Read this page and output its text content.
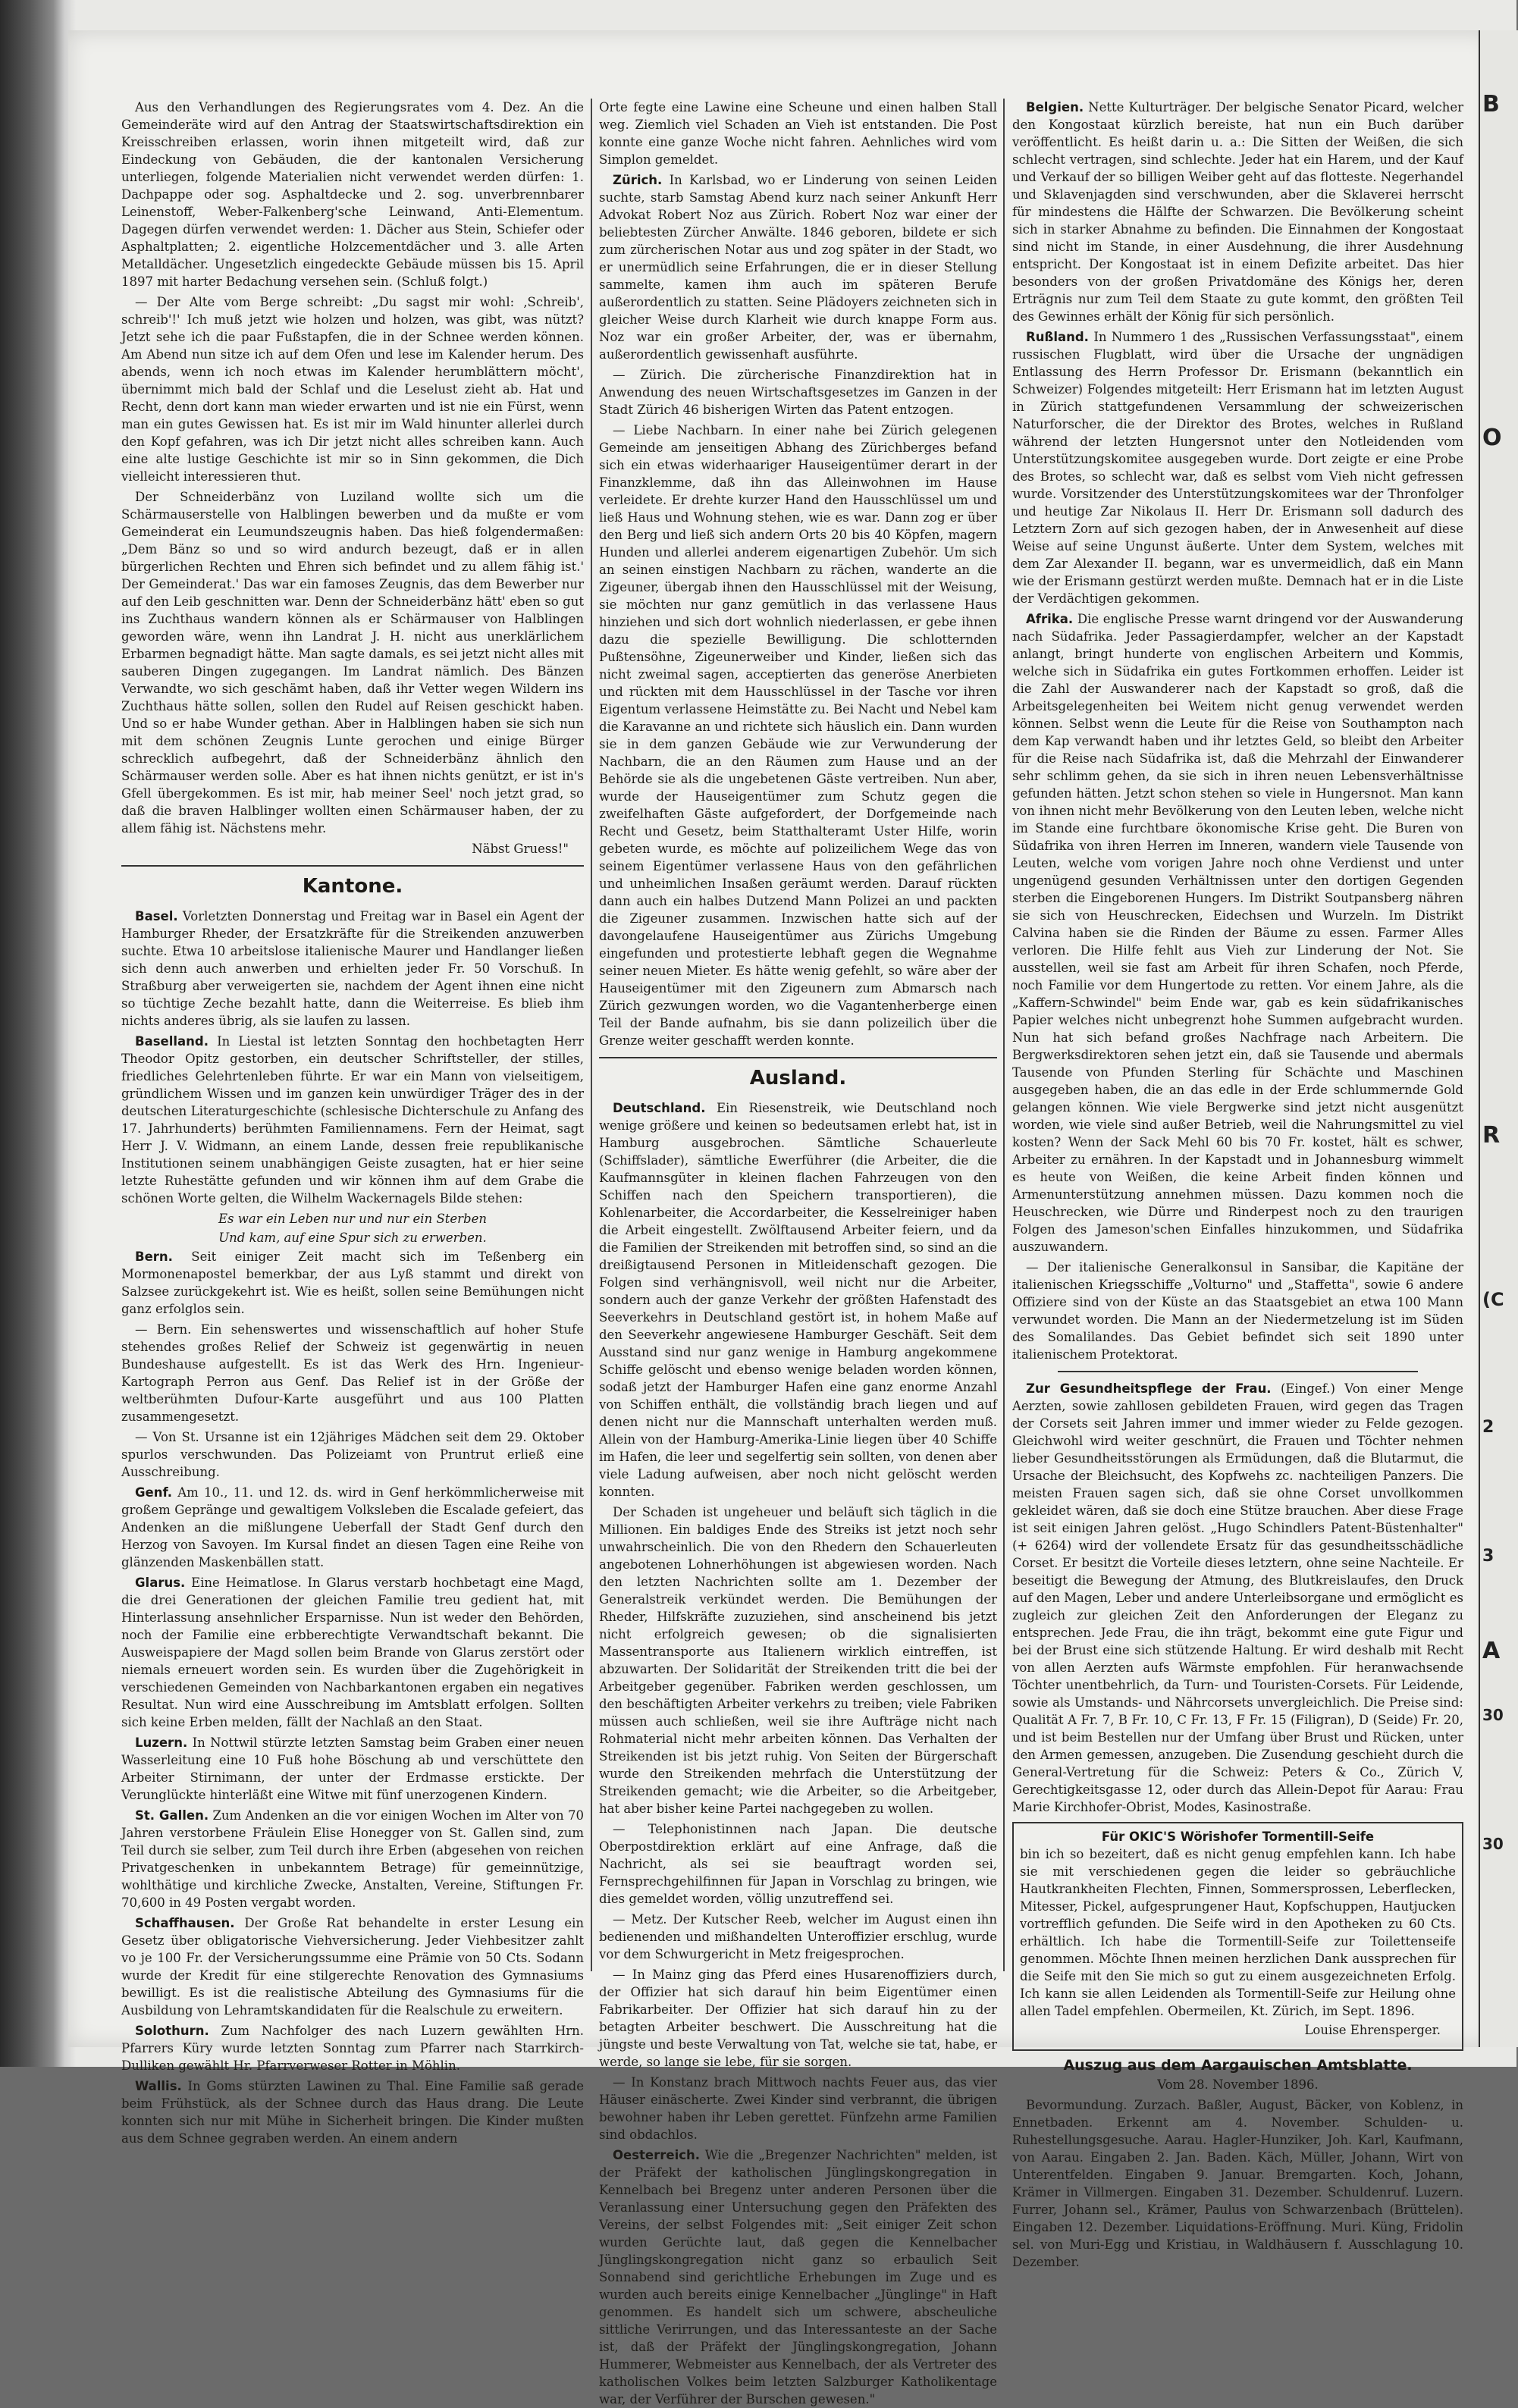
Aus den Verhandlungen des Regierungsrates vom 4. Dez. An die Gemeinderäte wird auf den Antrag der Staatswirtschaftsdirektion ein Kreisschreiben erlassen, worin ihnen mitgeteilt wird, daß zur Eindeckung von Gebäuden, die der kantonalen Versicherung unterliegen, folgende Materialien nicht verwendet werden dürfen: 1. Dachpappe oder sog. Asphaltdecke und 2. sog. unverbrennbarer Leinenstoff, Weber-Falkenberg'sche Leinwand, Anti-Elementum. Dagegen dürfen verwendet werden: 1. Dächer aus Stein, Schiefer oder Asphaltplatten; 2. eigentliche Holzcementdächer und 3. alle Arten Metalldächer. Ungesetzlich eingedeckte Gebäude müssen bis 15. April 1897 mit harter Bedachung versehen sein. (Schluß folgt.)

— Der Alte vom Berge schreibt: „Du sagst mir wohl: ‚Schreib', schreib'!' Ich muß jetzt wie holzen und holzen, was gibt, was nützt? Jetzt sehe ich die paar Fußstapfen, die in der Schnee werden können. Am Abend nun sitze ich auf dem Ofen und lese im Kalender herum. Des abends, wenn ich noch etwas im Kalender herumblättern möcht', übernimmt mich bald der Schlaf und die Leselust zieht ab. Hat und Recht, denn dort kann man wieder erwarten und ist nie ein Fürst, wenn man ein gutes Gewissen hat. Es ist mir im Wald hinunter allerlei durch den Kopf gefahren, was ich Dir jetzt nicht alles schreiben kann. Auch eine alte lustige Geschichte ist mir so in Sinn gekommen, die Dich vielleicht interessieren thut.

Der Schneiderbänz von Luziland wollte sich um die Schärmauserstelle von Halblingen bewerben und da mußte er vom Gemeinderat ein Leumundszeugnis haben. Das hieß folgendermaßen: „Dem Bänz so und so wird andurch bezeugt, daß er in allen bürgerlichen Rechten und Ehren sich befindet und zu allem fähig ist.' Der Gemeinderat.' Das war ein famoses Zeugnis, das dem Bewerber nur auf den Leib geschnitten war. Denn der Schneiderbänz hätt' eben so gut ins Zuchthaus wandern können als er Schärmauser von Halblingen geworden wäre, wenn ihn Landrat J. H. nicht aus unerklärlichem Erbarmen begnadigt hätte. Man sagte damals, es sei jetzt nicht alles mit sauberen Dingen zugegangen. Im Landrat nämlich. Des Bänzen Verwandte, wo sich geschämt haben, daß ihr Vetter wegen Wildern ins Zuchthaus hätte sollen, sollen den Rudel auf Reisen geschickt haben. Und so er habe Wunder gethan. Aber in Halblingen haben sie sich nun mit dem schönen Zeugnis Lunte gerochen und einige Bürger schrecklich aufbegehrt, daß der Schneiderbänz ähnlich den Schärmauser werden solle. Aber es hat ihnen nichts genützt, er ist in's Gfell übergekommen. Es ist mir, hab meiner Seel' noch jetzt grad, so daß die braven Halblinger wollten einen Schärmauser haben, der zu allem fähig ist. Nächstens mehr.

Näbst Gruess!"
Kantone.

Basel. Vorletzten Donnerstag und Freitag war in Basel ein Agent der Hamburger Rheder, der Ersatzkräfte für die Streikenden anzuwerben suchte. Etwa 10 arbeitslose italienische Maurer und Handlanger ließen sich denn auch anwerben und erhielten jeder Fr. 50 Vorschuß. In Straßburg aber verweigerten sie, nachdem der Agent ihnen eine nicht so tüchtige Zeche bezahlt hatte, dann die Weiterreise. Es blieb ihm nichts anderes übrig, als sie laufen zu lassen.

Baselland. In Liestal ist letzten Sonntag den hochbetagten Herr Theodor Opitz gestorben, ein deutscher Schriftsteller, der stilles, friedliches Gelehrtenleben führte. Er war ein Mann von vielseitigem, gründlichem Wissen und im ganzen kein unwürdiger Träger des in der deutschen Literaturgeschichte (schlesische Dichterschule zu Anfang des 17. Jahrhunderts) berühmten Familiennamens. Fern der Heimat, sagt Herr J. V. Widmann, an einem Lande, dessen freie republikanische Institutionen seinem unabhängigen Geiste zusagten, hat er hier seine letzte Ruhestätte gefunden und wir können ihm auf dem Grabe die schönen Worte gelten, die Wilhelm Wackernagels Bilde stehen:

Es war ein Leben nur und nur ein Sterben
Und kam, auf eine Spur sich zu erwerben.

Bern. Seit einiger Zeit macht sich im Teßenberg ein Mormonenapostel bemerkbar, der aus Lyß stammt und direkt von Salzsee zurückgekehrt ist. Wie es heißt, sollen seine Bemühungen nicht ganz erfolglos sein.

— Bern. Ein sehenswertes und wissenschaftlich auf hoher Stufe stehendes großes Relief der Schweiz ist gegenwärtig in neuen Bundeshause aufgestellt. Es ist das Werk des Hrn. Ingenieur-Kartograph Perron aus Genf. Das Relief ist in der Größe der weltberühmten Dufour-Karte ausgeführt und aus 100 Platten zusammengesetzt.

— Von St. Ursanne ist ein 12jähriges Mädchen seit dem 29. Oktober spurlos verschwunden. Das Polizeiamt von Pruntrut erließ eine Ausschreibung.

Genf. Am 10., 11. und 12. ds. wird in Genf herkömmlicherweise mit großem Gepränge und gewaltigem Volksleben die Escalade gefeiert, das Andenken an die mißlungene Ueberfall der Stadt Genf durch den Herzog von Savoyen. Im Kursal findet an diesen Tagen eine Reihe von glänzenden Maskenbällen statt.

Glarus. Eine Heimatlose. In Glarus verstarb hochbetagt eine Magd, die drei Generationen der gleichen Familie treu gedient hat, mit Hinterlassung ansehnlicher Ersparnisse. Nun ist weder den Behörden, noch der Familie eine erbberechtigte Verwandtschaft bekannt. Die Ausweispapiere der Magd sollen beim Brande von Glarus zerstört oder niemals erneuert worden sein. Es wurden über die Zugehörigkeit in verschiedenen Gemeinden von Nachbarkantonen ergaben ein negatives Resultat. Nun wird eine Ausschreibung im Amtsblatt erfolgen. Sollten sich keine Erben melden, fällt der Nachlaß an den Staat.

Luzern. In Nottwil stürzte letzten Samstag beim Graben einer neuen Wasserleitung eine 10 Fuß hohe Böschung ab und verschüttete den Arbeiter Stirnimann, der unter der Erdmasse erstickte. Der Verunglückte hinterläßt eine Witwe mit fünf unerzogenen Kindern.

St. Gallen. Zum Andenken an die vor einigen Wochen im Alter von 70 Jahren verstorbene Fräulein Elise Honegger von St. Gallen sind, zum Teil durch sie selber, zum Teil durch ihre Erben (abgesehen von reichen Privatgeschenken in unbekanntem Betrage) für gemeinnützige, wohlthätige und kirchliche Zwecke, Anstalten, Vereine, Stiftungen Fr. 70,600 in 49 Posten vergabt worden.

Schaffhausen. Der Große Rat behandelte in erster Lesung ein Gesetz über obligatorische Viehversicherung. Jeder Viehbesitzer zahlt vo je 100 Fr. der Versicherungssumme eine Prämie von 50 Cts. Sodann wurde der Kredit für eine stilgerechte Renovation des Gymnasiums bewilligt. Es ist die realistische Abteilung des Gymnasiums für die Ausbildung von Lehramtskandidaten für die Realschule zu erweitern.

Solothurn. Zum Nachfolger des nach Luzern gewählten Hrn. Pfarrers Küry wurde letzten Sonntag zum Pfarrer nach Starrkirch-Dulliken gewählt Hr. Pfarrverweser Rotter in Möhlin.

Wallis. In Goms stürzten Lawinen zu Thal. Eine Familie saß gerade beim Frühstück, als der Schnee durch das Haus drang. Die Leute konnten sich nur mit Mühe in Sicherheit bringen. Die Kinder mußten aus dem Schnee gegraben werden. An einem andern

Orte fegte eine Lawine eine Scheune und einen halben Stall weg. Ziemlich viel Schaden an Vieh ist entstanden. Die Post konnte eine ganze Woche nicht fahren. Aehnliches wird vom Simplon gemeldet.

Zürich. In Karlsbad, wo er Linderung von seinen Leiden suchte, starb Samstag Abend kurz nach seiner Ankunft Herr Advokat Robert Noz aus Zürich. Robert Noz war einer der beliebtesten Zürcher Anwälte. 1846 geboren, bildete er sich zum zürcherischen Notar aus und zog später in der Stadt, wo er unermüdlich seine Erfahrungen, die er in dieser Stellung sammelte, kamen ihm auch im späteren Berufe außerordentlich zu statten. Seine Plädoyers zeichneten sich in gleicher Weise durch Klarheit wie durch knappe Form aus. Noz war ein großer Arbeiter, der, was er übernahm, außerordentlich gewissenhaft ausführte.

— Zürich. Die zürcherische Finanzdirektion hat in Anwendung des neuen Wirtschaftsgesetzes im Ganzen in der Stadt Zürich 46 bisherigen Wirten das Patent entzogen.

— Liebe Nachbarn. In einer nahe bei Zürich gelegenen Gemeinde am jenseitigen Abhang des Zürichberges befand sich ein etwas widerhaariger Hauseigentümer derart in der Finanzklemme, daß ihn das Alleinwohnen im Hause verleidete. Er drehte kurzer Hand den Hausschlüssel um und ließ Haus und Wohnung stehen, wie es war. Dann zog er über den Berg und ließ sich andern Orts 20 bis 40 Köpfen, magern Hunden und allerlei anderem eigenartigen Zubehör. Um sich an seinen einstigen Nachbarn zu rächen, wanderte an die Zigeuner, übergab ihnen den Hausschlüssel mit der Weisung, sie möchten nur ganz gemütlich in das verlassene Haus hinziehen und sich dort wohnlich niederlassen, er gebe ihnen dazu die spezielle Bewilligung. Die schlotternden Pußtensöhne, Zigeunerweiber und Kinder, ließen sich das nicht zweimal sagen, acceptierten das generöse Anerbieten und rückten mit dem Hausschlüssel in der Tasche vor ihren Eigentum verlassene Heimstätte zu. Bei Nacht und Nebel kam die Karavanne an und richtete sich häuslich ein. Dann wurden sie in dem ganzen Gebäude wie zur Verwunderung der Nachbarn, die an den Räumen zum Hause und an der Behörde sie als die ungebetenen Gäste vertreiben. Nun aber, wurde der Hauseigentümer zum Schutz gegen die zweifelhaften Gäste aufgefordert, der Dorfgemeinde nach Recht und Gesetz, beim Statthalteramt Uster Hilfe, worin gebeten wurde, es möchte auf polizeilichem Wege das von seinem Eigentümer verlassene Haus von den gefährlichen und unheimlichen Insaßen geräumt werden. Darauf rückten dann auch ein halbes Dutzend Mann Polizei an und packten die Zigeuner zusammen. Inzwischen hatte sich auf der davongelaufene Hauseigentümer aus Zürichs Umgebung eingefunden und protestierte lebhaft gegen die Wegnahme seiner neuen Mieter. Es hätte wenig gefehlt, so wäre aber der Hauseigentümer mit den Zigeunern zum Abmarsch nach Zürich gezwungen worden, wo die Vagantenherberge einen Teil der Bande aufnahm, bis sie dann polizeilich über die Grenze weiter geschafft werden konnte.

Ausland.

Deutschland. Ein Riesenstreik, wie Deutschland noch wenige größere und keinen so bedeutsamen erlebt hat, ist in Hamburg ausgebrochen. Sämtliche Schauerleute (Schiffslader), sämtliche Ewerführer (die Arbeiter, die die Kaufmannsgüter in kleinen flachen Fahrzeugen von den Schiffen nach den Speichern transportieren), die Kohlenarbeiter, die Accordarbeiter, die Kesselreiniger haben die Arbeit eingestellt. Zwölftausend Arbeiter feiern, und da die Familien der Streikenden mit betroffen sind, so sind an die dreißigtausend Personen in Mitleidenschaft gezogen. Die Folgen sind verhängnisvoll, weil nicht nur die Arbeiter, sondern auch der ganze Verkehr der größten Hafenstadt des Seeverkehrs in Deutschland gestört ist, in hohem Maße auf den Seeverkehr angewiesene Hamburger Geschäft. Seit dem Ausstand sind nur ganz wenige in Hamburg angekommene Schiffe gelöscht und ebenso wenige beladen worden können, sodaß jetzt der Hamburger Hafen eine ganz enorme Anzahl von Schiffen enthält, die vollständig brach liegen und auf denen nicht nur die Mannschaft unterhalten werden muß. Allein von der Hamburg-Amerika-Linie liegen über 40 Schiffe im Hafen, die leer und segelfertig sein sollten, von denen aber viele Ladung aufweisen, aber noch nicht gelöscht werden konnten.

Der Schaden ist ungeheuer und beläuft sich täglich in die Millionen. Ein baldiges Ende des Streiks ist jetzt noch sehr unwahrscheinlich. Die von den Rhedern den Schauerleuten angebotenen Lohnerhöhungen ist abgewiesen worden. Nach den letzten Nachrichten sollte am 1. Dezember der Generalstreik verkündet werden. Die Bemühungen der Rheder, Hilfskräfte zuzuziehen, sind anscheinend bis jetzt nicht erfolgreich gewesen; ob die signalisierten Massentransporte aus Italienern wirklich eintreffen, ist abzuwarten. Der Solidarität der Streikenden tritt die bei der Arbeitgeber gegenüber. Fabriken werden geschlossen, um den beschäftigten Arbeiter verkehrs zu treiben; viele Fabriken müssen auch schließen, weil sie ihre Aufträge nicht nach Rohmaterial nicht mehr arbeiten können. Das Verhalten der Streikenden ist bis jetzt ruhig. Von Seiten der Bürgerschaft wurde den Streikenden mehrfach die Unterstützung der Streikenden gemacht; wie die Arbeiter, so die Arbeitgeber, hat aber bisher keine Partei nachgegeben zu wollen.

— Telephonistinnen nach Japan. Die deutsche Oberpostdirektion erklärt auf eine Anfrage, daß die Nachricht, als sei sie beauftragt worden sei, Fernsprechgehilfinnen für Japan in Vorschlag zu bringen, wie dies gemeldet worden, völlig unzutreffend sei.

— Metz. Der Kutscher Reeb, welcher im August einen ihn bedienenden und mißhandelten Unteroffizier erschlug, wurde vor dem Schwurgericht in Metz freigesprochen.

— In Mainz ging das Pferd eines Husarenoffiziers durch, der Offizier hat sich darauf hin beim Eigentümer einen Fabrikarbeiter. Der Offizier hat sich darauf hin zu der betagten Arbeiter beschwert. Die Ausschreitung hat die jüngste und beste Verwaltung von Tat, welche sie tat, habe, er werde, so lange sie lebe, für sie sorgen.

— In Konstanz brach Mittwoch nachts Feuer aus, das vier Häuser einäscherte. Zwei Kinder sind verbrannt, die übrigen bewohner haben ihr Leben gerettet. Fünfzehn arme Familien sind obdachlos.

Oesterreich. Wie die „Bregenzer Nachrichten" melden, ist der Präfekt der katholischen Jünglingskongregation in Kennelbach bei Bregenz unter anderen Personen über die Veranlassung einer Untersuchung gegen den Präfekten des Vereins, der selbst Folgendes mit: „Seit einiger Zeit schon wurden Gerüchte laut, daß gegen die Kennelbacher Jünglingskongregation nicht ganz so erbaulich Seit Sonnabend sind gerichtliche Erhebungen im Zuge und es wurden auch bereits einige Kennelbacher „Jünglinge" in Haft genommen. Es handelt sich um schwere, abscheuliche sittliche Verirrungen, und das Interessanteste an der Sache ist, daß der Präfekt der Jünglingskongregation, Johann Hummerer, Webmeister aus Kennelbach, der als Vertreter des katholischen Volkes beim letzten Salzburger Katholikentage war, der Verführer der Burschen gewesen."

Belgien. Nette Kulturträger. Der belgische Senator Picard, welcher den Kongostaat kürzlich bereiste, hat nun ein Buch darüber veröffentlicht. Es heißt darin u. a.: Die Sitten der Weißen, die sich schlecht vertragen, sind schlechte. Jeder hat ein Harem, und der Kauf und Verkauf der so billigen Weiber geht auf das flotteste. Negerhandel und Sklavenjagden sind verschwunden, aber die Sklaverei herrscht für mindestens die Hälfte der Schwarzen. Die Bevölkerung scheint sich in starker Abnahme zu befinden. Die Einnahmen der Kongostaat sind nicht im Stande, in einer Ausdehnung, die ihrer Ausdehnung entspricht. Der Kongostaat ist in einem Defizite arbeitet. Das hier besonders von der großen Privatdomäne des Königs her, deren Erträgnis nur zum Teil dem Staate zu gute kommt, den größten Teil des Gewinnes erhält der König für sich persönlich.

Rußland. In Nummero 1 des „Russischen Verfassungsstaat", einem russischen Flugblatt, wird über die Ursache der ungnädigen Entlassung des Herrn Professor Dr. Erismann (bekanntlich ein Schweizer) Folgendes mitgeteilt: Herr Erismann hat im letzten August in Zürich stattgefundenen Versammlung der schweizerischen Naturforscher, die der Direktor des Brotes, welches in Rußland während der letzten Hungersnot unter den Notleidenden vom Unterstützungskomitee ausgegeben wurde. Dort zeigte er eine Probe des Brotes, so schlecht war, daß es selbst vom Vieh nicht gefressen wurde. Vorsitzender des Unterstützungskomitees war der Thronfolger und heutige Zar Nikolaus II. Herr Dr. Erismann soll dadurch des Letztern Zorn auf sich gezogen haben, der in Anwesenheit auf diese Weise auf seine Ungunst äußerte. Unter dem System, welches mit dem Zar Alexander II. begann, war es unvermeidlich, daß ein Mann wie der Erismann gestürzt werden mußte. Demnach hat er in die Liste der Verdächtigen gekommen.

Afrika. Die englische Presse warnt dringend vor der Auswanderung nach Südafrika. Jeder Passagierdampfer, welcher an der Kapstadt anlangt, bringt hunderte von englischen Arbeitern und Kommis, welche sich in Südafrika ein gutes Fortkommen erhoffen. Leider ist die Zahl der Auswanderer nach der Kapstadt so groß, daß die Arbeitsgelegenheiten bei Weitem nicht genug verwendet werden können. Selbst wenn die Leute für die Reise von Southampton nach dem Kap verwandt haben und ihr letztes Geld, so bleibt den Arbeiter für die Reise nach Südafrika ist, daß die Mehrzahl der Einwanderer sehr schlimm gehen, da sie sich in ihren neuen Lebensverhältnisse gefunden hätten. Jetzt schon stehen so viele in Hungersnot. Man kann von ihnen nicht mehr Bevölkerung von den Leuten leben, welche nicht im Stande eine furchtbare ökonomische Krise geht. Die Buren von Südafrika von ihren Herren im Inneren, wandern viele Tausende von Leuten, welche vom vorigen Jahre noch ohne Verdienst und unter ungenügend gesunden Verhältnissen unter den dortigen Gegenden sterben die Eingeborenen Hungers. Im Distrikt Soutpansberg nähren sie sich von Heuschrecken, Eidechsen und Wurzeln. Im Distrikt Calvina haben sie die Rinden der Bäume zu essen. Farmer Alles verloren. Die Hilfe fehlt aus Vieh zur Linderung der Not. Sie ausstellen, weil sie fast am Arbeit für ihren Schafen, noch Pferde, noch Familie vor dem Hungertode zu retten. Vor einem Jahre, als die „Kaffern-Schwindel" beim Ende war, gab es kein südafrikanisches Papier welches nicht unbegrenzt hohe Summen aufgebracht wurden. Nun hat sich befand großes Nachfrage nach Arbeitern. Die Bergwerksdirektoren sehen jetzt ein, daß sie Tausende und abermals Tausende von Pfunden Sterling für Schächte und Maschinen ausgegeben haben, die an das edle in der Erde schlummernde Gold gelangen können. Wie viele Bergwerke sind jetzt nicht ausgenützt worden, wie viele sind außer Betrieb, weil die Nahrungsmittel zu viel kosten? Wenn der Sack Mehl 60 bis 70 Fr. kostet, hält es schwer, Arbeiter zu ernähren. In der Kapstadt und in Johannesburg wimmelt es heute von Weißen, die keine Arbeit finden können und Armenunterstützung annehmen müssen. Dazu kommen noch die Heuschrecken, wie Dürre und Rinderpest noch zu den traurigen Folgen des Jameson'schen Einfalles hinzukommen, und Südafrika auszuwandern.

— Der italienische Generalkonsul in Sansibar, die Kapitäne der italienischen Kriegsschiffe „Volturno" und „Staffetta", sowie 6 andere Offiziere sind von der Küste an das Staatsgebiet an etwa 100 Mann verwundet worden. Die Mann an der Niedermetzelung ist im Süden des Somalilandes. Das Gebiet befindet sich seit 1890 unter italienischem Protektorat.

Zur Gesundheitspflege der Frau. (Eingef.) Von einer Menge Aerzten, sowie zahllosen gebildeten Frauen, wird gegen das Tragen der Corsets seit Jahren immer und immer wieder zu Felde gezogen. Gleichwohl wird weiter geschnürt, die Frauen und Töchter nehmen lieber Gesundheitsstörungen als Ermüdungen, daß die Blutarmut, die Ursache der Bleichsucht, des Kopfwehs zc. nachteiligen Panzers. Die meisten Frauen sagen sich, daß sie ohne Corset unvollkommen gekleidet wären, daß sie doch eine Stütze brauchen. Aber diese Frage ist seit einigen Jahren gelöst. „Hugo Schindlers Patent-Büstenhalter" (+ 6264) wird der vollendete Ersatz für das gesundheitsschädliche Corset. Er besitzt die Vorteile dieses letztern, ohne seine Nachteile. Er beseitigt die Bewegung der Atmung, des Blutkreislaufes, den Druck auf den Magen, Leber und andere Unterleibsorgane und ermöglicht es zugleich zur gleichen Zeit den Anforderungen der Eleganz zu entsprechen. Jede Frau, die ihn trägt, bekommt eine gute Figur und bei der Brust eine sich stützende Haltung. Er wird deshalb mit Recht von allen Aerzten aufs Wärmste empfohlen. Für heranwachsende Töchter unentbehrlich, da Turn- und Touristen-Corsets. Für Leidende, sowie als Umstands- und Nährcorsets unvergleichlich. Die Preise sind: Qualität A Fr. 7, B Fr. 10, C Fr. 13, F Fr. 15 (Filigran), D (Seide) Fr. 20, und ist beim Bestellen nur der Umfang über Brust und Rücken, unter den Armen gemessen, anzugeben. Die Zusendung geschieht durch die General-Vertretung für die Schweiz: Peters & Co., Zürich V, Gerechtigkeitsgasse 12, oder durch das Allein-Depot für Aarau: Frau Marie Kirchhofer-Obrist, Modes, Kasinostraße.

Für OKIC'S Wörishofer Tormentill-Seife
bin ich so bezeitert, daß es nicht genug empfehlen kann. Ich habe sie mit verschiedenen gegen die leider so gebräuchliche Hautkrankheiten Flechten, Finnen, Sommersprossen, Leberflecken, Mitesser, Pickel, aufgesprungener Haut, Kopfschuppen, Hautjucken vortrefflich gefunden. Die Seife wird in den Apotheken zu 60 Cts. erhältlich. Ich habe die Tormentill-Seife zur Toilettenseife genommen. Möchte Ihnen meinen herzlichen Dank aussprechen für die Seife mit den Sie mich so gut zu einem ausgezeichneten Erfolg. Ich kann sie allen Leidenden als Tormentill-Seife zur Heilung ohne allen Tadel empfehlen. Obermeilen, Kt. Zürich, im Sept. 1896.
Louise Ehrensperger.
Auszug aus dem Aargauischen Amtsblatte.
Vom 28. November 1896.

Bevormundung. Zurzach. Baßler, August, Bäcker, von Koblenz, in Ennetbaden. Erkennt am 4. November. Schulden- u. Ruhestellungsgesuche. Aarau. Hagler-Hunziker, Joh. Karl, Kaufmann, von Aarau. Eingaben 2. Jan. Baden. Käch, Müller, Johann, Wirt von Unterentfelden. Eingaben 9. Januar. Bremgarten. Koch, Johann, Krämer in Villmergen. Eingaben 31. Dezember. Schuldenruf. Luzern. Furrer, Johann sel., Krämer, Paulus von Schwarzenbach (Brüttelen). Eingaben 12. Dezember. Liquidations-Eröffnung. Muri. Küng, Fridolin sel. von Muri-Egg und Kristiau, in Waldhäusern f. Ausschlagung 10. Dezember.

B
O
R
(C
2
3
A
30
30
